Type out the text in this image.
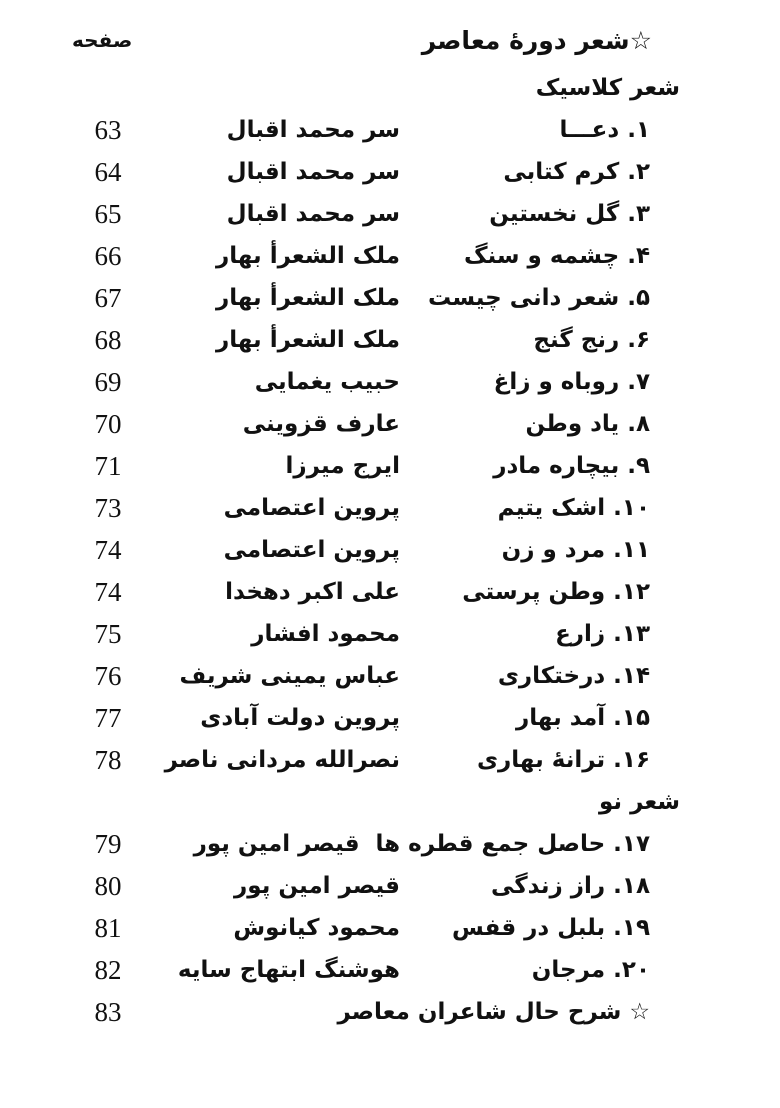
☆شعر دورهٔ معاصر
صفحه
شعر کلاسیک
۱. دعـــا
سر محمد اقبال
63
۲. کرم کتابی
سر محمد اقبال
64
۳. گل نخستین
سر محمد اقبال
65
۴. چشمه و سنگ
ملک الشعرأ بهار
66
۵. شعر دانی چیست
ملک الشعرأ بهار
67
۶. رنج گنج
ملک الشعرأ بهار
68
۷. روباه و زاغ
حبیب یغمایی
69
۸. یاد وطن
عارف قزوینی
70
۹. بیچاره مادر
ایرج میرزا
71
۱۰. اشک یتیم
پروین اعتصامی
73
۱۱. مرد و زن
پروین اعتصامی
74
۱۲. وطن پرستی
علی اکبر دهخدا
74
۱۳. زارع
محمود افشار
75
۱۴. درختکاری
عباس یمینی شریف
76
۱۵. آمد بهار
پروین دولت آبادی
77
۱۶. ترانهٔ بهاری
نصرالله مردانی ناصر
78
شعر نو
۱۷. حاصل جمع قطره ها
قیصر امین پور
79
۱۸. راز زندگی
قیصر امین پور
80
۱۹. بلبل در قفس
محمود کیانوش
81
۲۰. مرجان
هوشنگ ابتهاج سایه
82
☆ شرح حال شاعران معاصر
83
